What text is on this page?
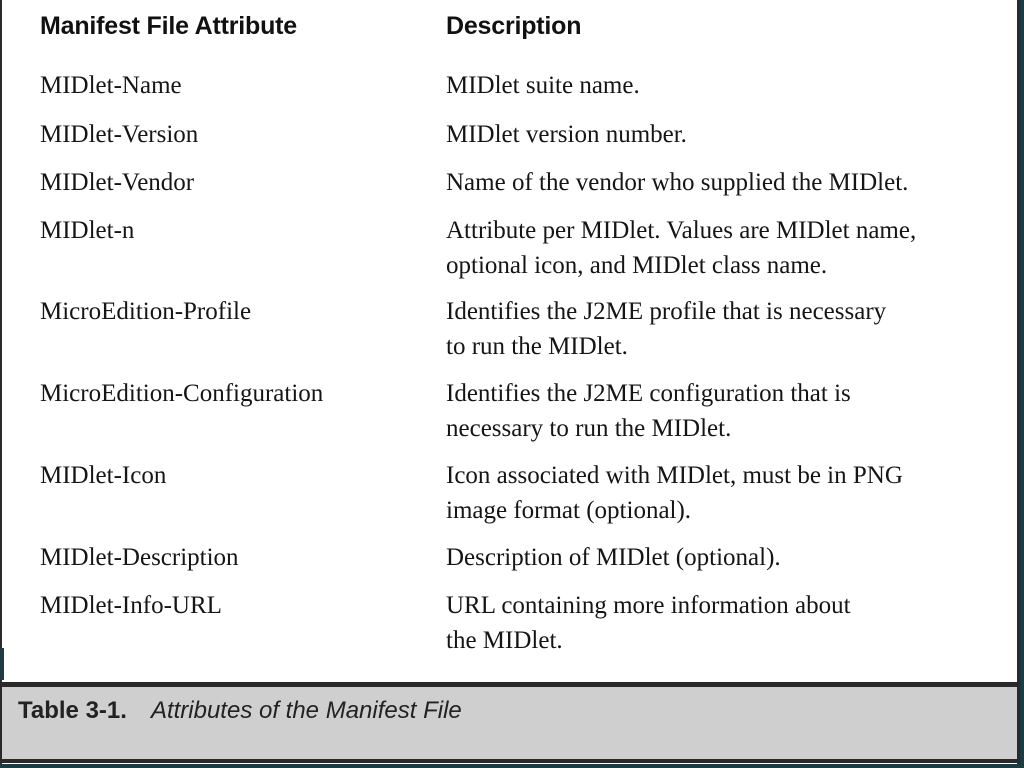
Manifest File Attribute	Description
MIDlet-Name	MIDlet suite name.
MIDlet-Version	MIDlet version number.
MIDlet-Vendor	Name of the vendor who supplied the MIDlet.
MIDlet-n	Attribute per MIDlet. Values are MIDlet name,
optional icon, and MIDlet class name.
MicroEdition-Profile	Identifies the J2ME profile that is necessary
to run the MIDlet.
MicroEdition-Configuration	Identifies the J2ME configuration that is
necessary to run the MIDlet.
MIDlet-Icon	Icon associated with MIDlet, must be in PNG
image format (optional).
MIDlet-Description	Description of MIDlet (optional).
MIDlet-Info-URL	URL containing more information about
the MIDlet.
Table 3-1. Attributes of the Manifest File
